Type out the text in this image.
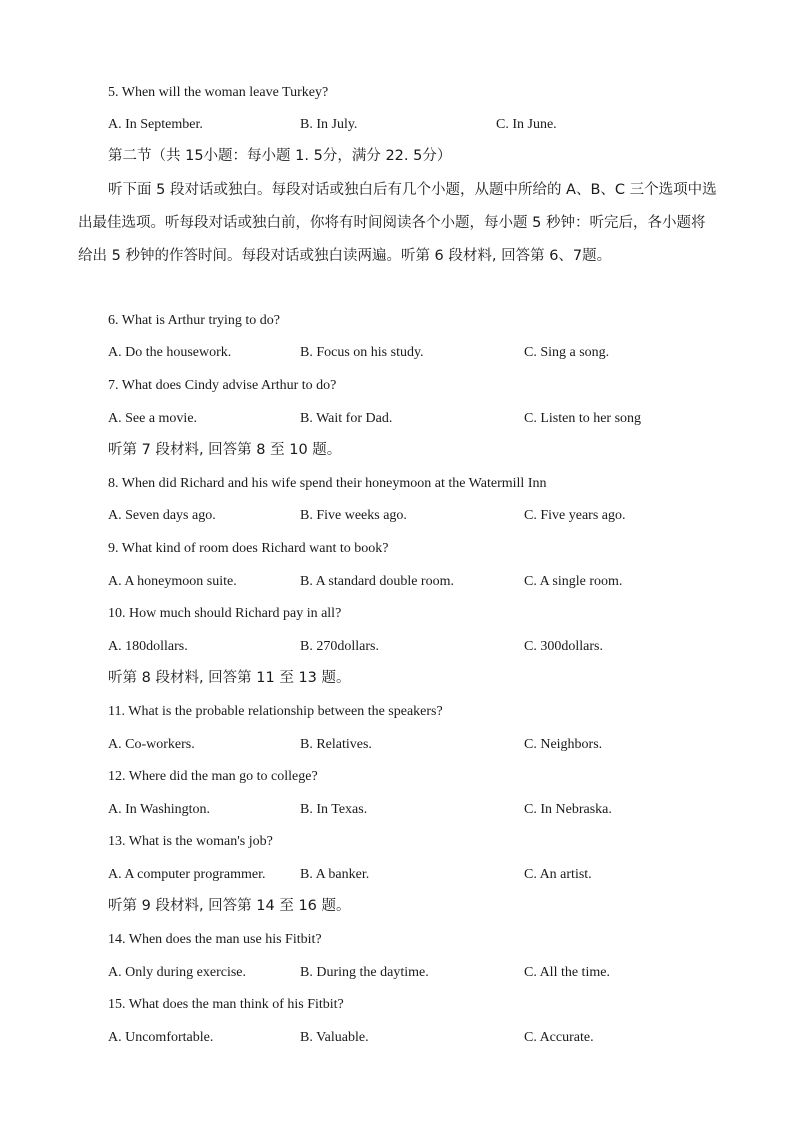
5. When will the woman leave Turkey?
A. In September.	B. In July.	C. In June.
第二节（共 15小题：每小题 1. 5分，满分 22. 5分）
听下面 5 段对话或独白。每段对话或独白后有几个小题，从题中所给的 A、B、C 三个选项中选出最佳选项。听每段对话或独白前，你将有时间阅读各个小题，每小题 5 秒钟：听完后，各小题将给出 5 秒钟的作答时间。每段对话或独白读两遍。听第 6 段材料, 回答第 6、7题。
6. What is Arthur trying to do?
A. Do the housework.	B. Focus on his study.	C. Sing a song.
7. What does Cindy advise Arthur to do?
A. See a movie.	B. Wait for Dad.	C. Listen to her song
听第 7 段材料, 回答第 8 至 10 题。
8. When did Richard and his wife spend their honeymoon at the Watermill Inn
A. Seven days ago.	B. Five weeks ago.	C. Five years ago.
9. What kind of room does Richard want to book?
A. A honeymoon suite.	B. A standard double room.	C. A single room.
10. How much should Richard pay in all?
A. 180dollars.	B. 270dollars.	C. 300dollars.
听第 8 段材料, 回答第 11 至 13 题。
11. What is the probable relationship between the speakers?
A. Co-workers.	B. Relatives.	C. Neighbors.
12. Where did the man go to college?
A. In Washington.	B. In Texas.	C. In Nebraska.
13. What is the woman's job?
A. A computer programmer. B. A banker.	C. An artist.
听第 9 段材料, 回答第 14 至 16 题。
14. When does the man use his Fitbit?
A. Only during exercise.	B. During the daytime.	C. All the time.
15. What does the man think of his Fitbit?
A. Uncomfortable.	B. Valuable.	C. Accurate.
